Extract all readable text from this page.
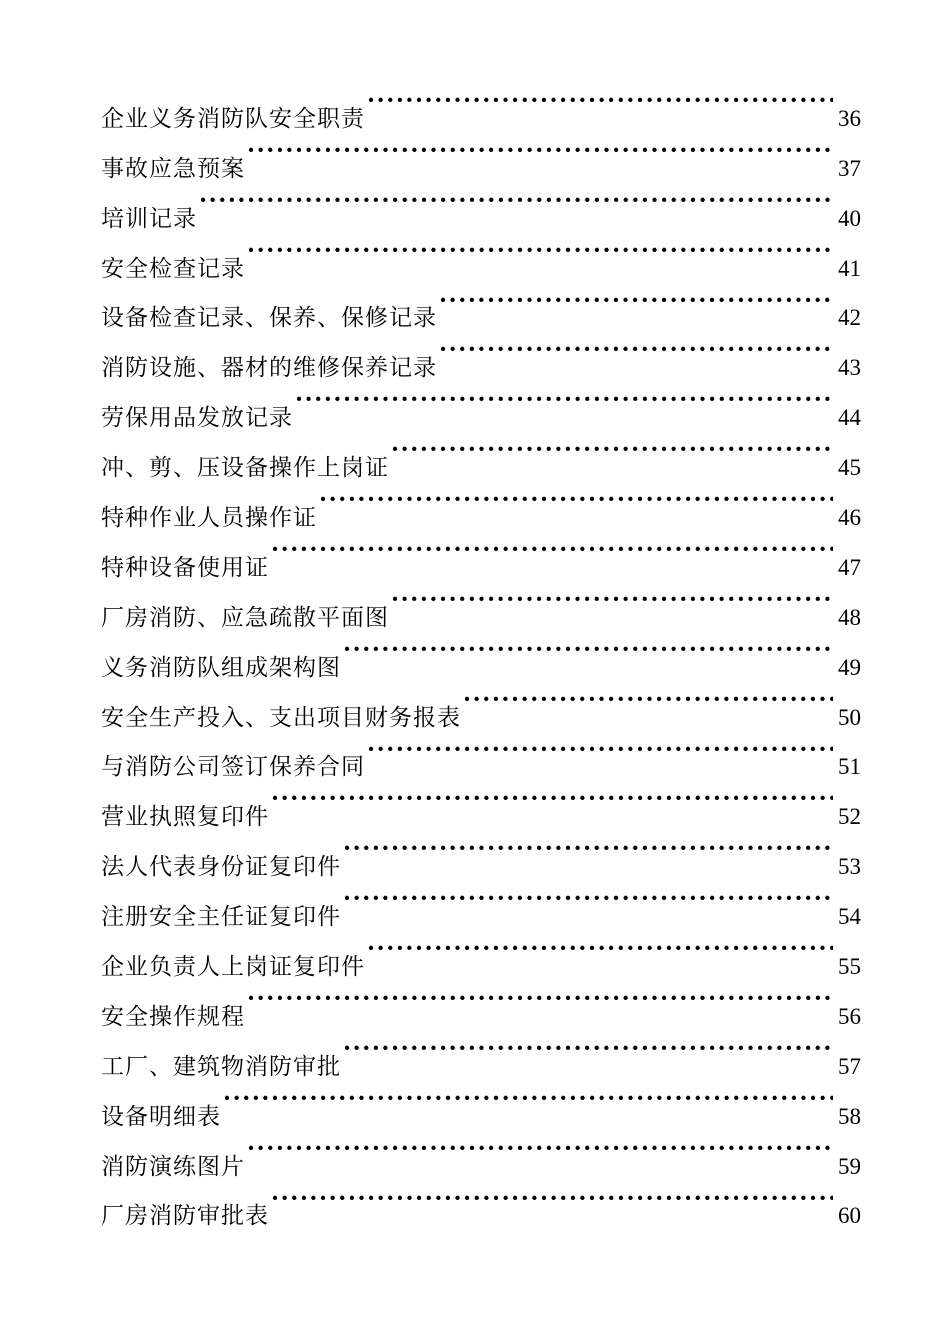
企业义务消防队安全职责 ·····	36
事故应急预案 ·····	37
培训记录 ·····	40
安全检查记录 ·····	41
设备检查记录、保养、保修记录 ·····	42
消防设施、器材的维修保养记录 ·····	43
劳保用品发放记录 ·····	44
冲、剪、压设备操作上岗证 ·····	45
特种作业人员操作证 ·····	46
特种设备使用证 ·····	47
厂房消防、应急疏散平面图 ·····	48
义务消防队组成架构图 ·····	49
安全生产投入、支出项目财务报表 ·····	50
与消防公司签订保养合同 ·····	51
营业执照复印件 ·····	52
法人代表身份证复印件 ·····	53
注册安全主任证复印件 ·····	54
企业负责人上岗证复印件 ·····	55
安全操作规程 ·····	56
工厂、建筑物消防审批 ·····	57
设备明细表 ·····	58
消防演练图片 ·····	59
厂房消防审批表 ·····	60
